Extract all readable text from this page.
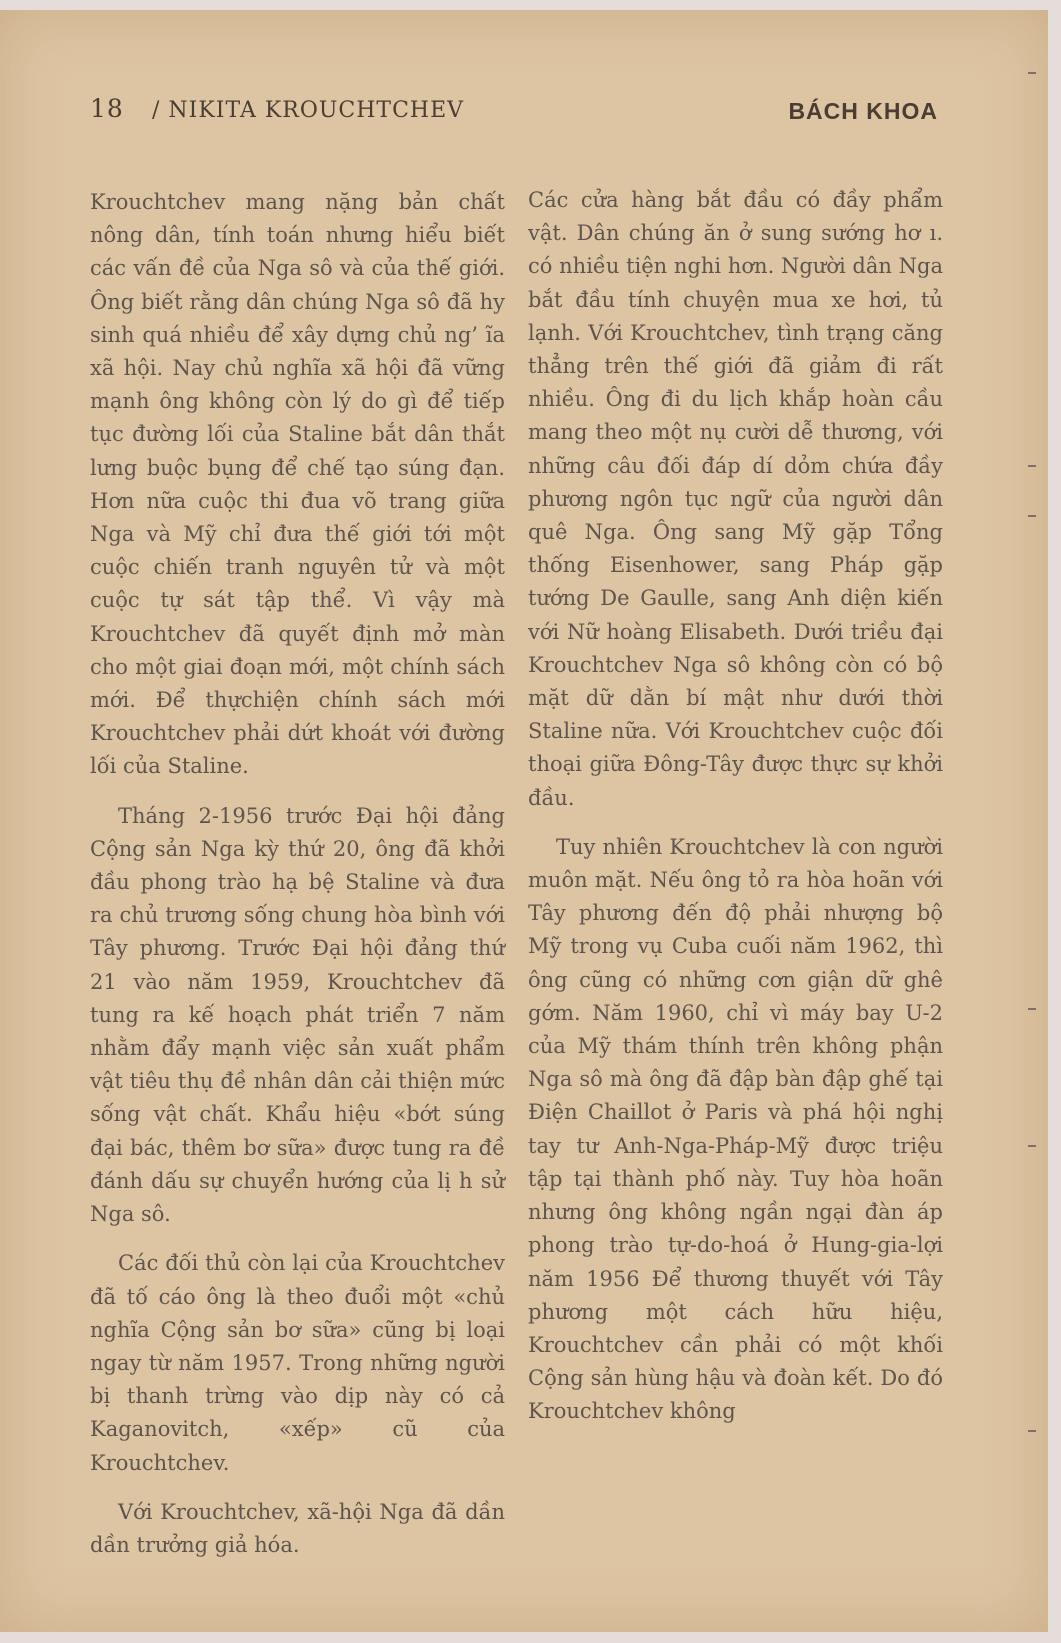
18 / NIKITA KROUCHTCHEV	BÁCH KHOA

Krouchtchev mang nặng bản chất nông dân, tính toán nhưng hiểu biết các vấn đề của Nga sô và của thế giới. Ông biết rằng dân chúng Nga sô đã hy sinh quá nhiều để xây dựng chủ ng’ ĩa xã hội. Nay chủ nghĩa xã hội đã vững mạnh ông không còn lý do gì để tiếp tục đường lối của Staline bắt dân thắt lưng buộc bụng để chế tạo súng đạn. Hơn nữa cuộc thi đua võ trang giữa Nga và Mỹ chỉ đưa thế giới tới một cuộc chiến tranh nguyên tử và một cuộc tự sát tập thể. Vì vậy mà Krouchtchev đã quyết định mở màn cho một giai đoạn mới, một chính sách mới. Để thựchiện chính sách mới Krouchtchev phải dứt khoát với đường lối của Staline.

Tháng 2-1956 trước Đại hội đảng Cộng sản Nga kỳ thứ 20, ông đã khởi đầu phong trào hạ bệ Staline và đưa ra chủ trương sống chung hòa bình với Tây phương. Trước Đại hội đảng thứ 21 vào năm 1959, Krouchtchev đã tung ra kế hoạch phát triển 7 năm nhằm đẩy mạnh việc sản xuất phẩm vật tiêu thụ đề nhân dân cải thiện mức sống vật chất. Khẩu hiệu «bớt súng đại bác, thêm bơ sữa» được tung ra đề đánh dấu sự chuyển hướng của lị h sử Nga sô.

Các đối thủ còn lại của Krouchtchev đã tố cáo ông là theo đuổi một «chủ nghĩa Cộng sản bơ sữa» cũng bị loại ngay từ năm 1957. Trong những người bị thanh trừng vào dịp này có cả Kaganovitch, «xếp» cũ của Krouchtchev.

Với Krouchtchev, xã-hội Nga đã dần dần trưởng giả hóa.

Các cửa hàng bắt đầu có đầy phẩm vật. Dân chúng ăn ở sung sướng hơ ı. có nhiều tiện nghi hơn. Người dân Nga bắt đầu tính chuyện mua xe hơi, tủ lạnh. Với Krouchtchev, tình trạng căng thẳng trên thế giới đã giảm đi rất nhiều. Ông đi du lịch khắp hoàn cầu mang theo một nụ cười dễ thương, với những câu đối đáp dí dỏm chứa đầy phương ngôn tục ngữ của người dân quê Nga. Ông sang Mỹ gặp Tổng thống Eisenhower, sang Pháp gặp tướng De Gaulle, sang Anh diện kiến với Nữ hoàng Elisabeth. Dưới triều đại Krouchtchev Nga sô không còn có bộ mặt dữ dằn bí mật như dưới thời Staline nữa. Với Krouchtchev cuộc đối thoại giữa Đông-Tây được thực sự khởi đầu.

Tuy nhiên Krouchtchev là con người muôn mặt. Nếu ông tỏ ra hòa hoãn với Tây phương đến độ phải nhượng bộ Mỹ trong vụ Cuba cuối năm 1962, thì ông cũng có những cơn giận dữ ghê gớm. Năm 1960, chỉ vì máy bay U-2 của Mỹ thám thính trên không phận Nga sô mà ông đã đập bàn đập ghế tại Điện Chaillot ở Paris và phá hội nghị tay tư Anh-Nga-Pháp-Mỹ được triệu tập tại thành phố này. Tuy hòa hoãn nhưng ông không ngần ngại đàn áp phong trào tự-do-hoá ở Hung-gia-lợi năm 1956 Để thương thuyết với Tây phương một cách hữu hiệu, Krouchtchev cần phải có một khối Cộng sản hùng hậu và đoàn kết. Do đó Krouchtchev không
